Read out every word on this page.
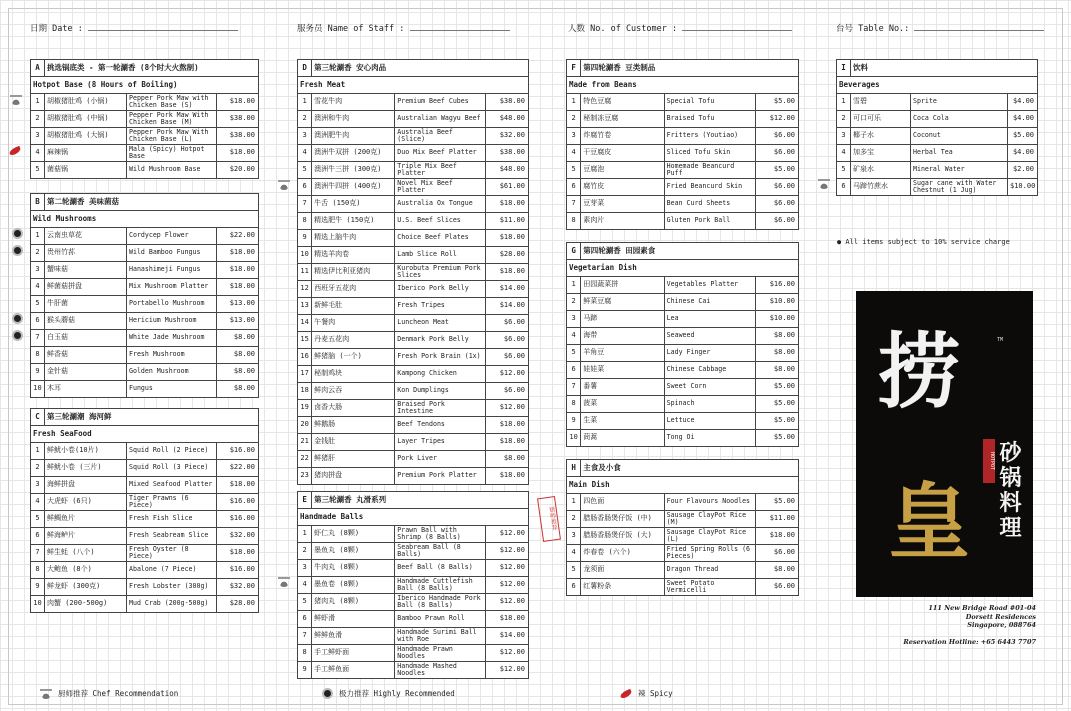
日期 Date :	服务员 Name of Staff :	人数 No. of Customer :	台号 Table No.:
A	挑选锅底类 - 第一轮涮香 (8个时大火熬制)		
Hotpot Base (8 Hours of Boiling)			
1	胡椒猪肚鸡 (小锅)	Pepper Pork Maw with Chicken Base (S)	$18.00
2	胡椒猪肚鸡 (中锅)	Pepper Pork Maw With Chicken Base (M)	$38.00
3	胡椒猪肚鸡 (大锅)	Pepper Pork Maw With Chicken Base (L)	$38.00
4	麻辣锅	Mala (Spicy) Hotpot Base	$18.00
5	菌菇锅	Wild Mushroom Base	$20.00
B	第二轮涮香 美味菌菇		
Wild Mushrooms			
1	云南虫草花	Cordycep Flower	$22.00
2	贵州竹荪	Wild Bamboo Fungus	$18.00
3	蟹味菇	Hanashimeji Fungus	$18.00
4	鲜菌菇拼盘	Mix Mushroom Platter	$18.00
5	牛肝菌	Portabello Mushroom	$13.00
6	猴头蘑菇	Hericium Mushroom	$13.00
7	白玉菇	White Jade Mushroom	$8.00
8	鲜香菇	Fresh Mushroom	$8.00
9	金针菇	Golden Mushroom	$8.00
10	木耳	Fungus	$8.00
C	第三轮涮潮 海河鲜		
Fresh SeaFood			
1	鲜鱿小卷(10片)	Squid Roll (2 Piece)	$16.00
2	鲜鱿小卷 (三片)	Squid Roll (3 Piece)	$22.00
3	海鲜拼盘	Mixed Seafood Platter	$18.00
4	大虎虾 (6只)	Tiger Prawns (6 Piece)	$16.00
5	鲜鲷鱼片	Fresh Fish Slice	$16.00
6	鲜海鲈片	Fresh Seabream Slice	$32.00
7	鲜生蚝 (八个)	Fresh Oyster (8 Piece)	$18.00
8	大鲍鱼 (8个)	Abalone (7 Piece)	$16.00
9	鲜龙虾 (300克)	Fresh Lobster (300g)	$32.00
10	肉蟹 (200-500g)	Mud Crab (200g-500g)	$28.00
D	第三轮涮香 安心肉品		
Fresh Meat			
1	雪花牛肉	Premium Beef Cubes	$38.00
2	澳洲和牛肉	Australian Wagyu Beef	$48.00
3	澳洲肥牛肉	Australia Beef (Slice)	$32.00
4	澳洲牛双拼 (200克)	Duo Mix Beef Platter	$38.00
5	澳洲牛三拼 (300克)	Triple Mix Beef Platter	$48.00
6	澳洲牛四拼 (400克)	Novel Mix Beef Platter	$61.00
7	牛舌 (150克)	Australia Ox Tongue	$18.00
8	精选肥牛 (150克)	U.S. Beef Slices	$11.00
9	精选上脑牛肉	Choice Beef Plates	$18.00
10	精选羊肉卷	Lamb Slice Roll	$28.00
11	精选伊比利亚猪肉	Kurobuta Premium Pork Slices	$18.00
12	西班牙五花肉	Iberico Pork Belly	$14.00
13	新鲜毛肚	Fresh Tripes	$14.00
14	午餐肉	Luncheon Meat	$6.00
15	丹麦五花肉	Denmark Pork Belly	$6.00
16	鲜猪脑 (一个)	Fresh Pork Brain (1x)	$6.00
17	秘制鸡块	Kampong Chicken	$12.00
18	鲜肉云吞	Kon Dumplings	$6.00
19	卤香大肠	Braised Pork Intestine	$12.00
20	鲜鹅肠	Beef Tendons	$18.00
21	金钱肚	Layer Tripes	$18.00
22	鲜猪肝	Pork Liver	$8.00
23	猪肉拼盘	Premium Pork Platter	$18.00
E	第三轮涮香 丸滑系列		
Handmade Balls			
1	虾仁丸 (8颗)	Prawn Ball with Shrimp (8 Balls)	$12.00
2	墨鱼丸 (8颗)	Seabream Ball (8 Balls)	$12.00
3	牛肉丸 (8颗)	Beef Ball (8 Balls)	$12.00
4	墨鱼卷 (8颗)	Handmade Cuttlefish Ball (8 Balls)	$12.00
5	猪肉丸 (8颗)	Iberico Handmade Pork Ball (8 Balls)	$12.00
6	鲜虾滑	Bamboo Prawn Roll	$18.00
7	鲜鲜鱼滑	Handmade Surimi Ball with Roe	$14.00
8	手工鲜虾面	Handmade Prawn Noodles	$12.00
9	手工鲜鱼面	Handmade Mashed Noodles	$12.00
F	第四轮涮香 豆类制品		
Made from Beans			
1	特色豆腐	Special Tofu	$5.00
2	秘制冻豆腐	Braised Tofu	$12.00
3	炸腐竹卷	Fritters (Youtiao)	$6.00
4	干豆腐皮	Sliced Tofu Skin	$6.00
5	豆腐泡	Homemade Beancurd Puff	$5.00
6	腐竹皮	Fried Beancurd Skin	$6.00
7	豆芽菜	Bean Curd Sheets	$6.00
8	素肉片	Gluten Pork Ball	$6.00
G	第四轮涮香 田园素食		
Vegetarian Dish			
1	田园蔬菜拼	Vegetables Platter	$16.00
2	鲜菜豆腐	Chinese Cai	$10.00
3	马蹄	Lea	$10.00
4	海带	Seaweed	$8.00
5	羊角豆	Lady Finger	$8.00
6	娃娃菜	Chinese Cabbage	$8.00
7	番薯	Sweet Corn	$5.00
8	菠菜	Spinach	$5.00
9	生菜	Lettuce	$5.00
10	茼蒿	Tong Oi	$5.00
H	主食及小食		
Main Dish			
1	四色面	Four Flavours Noodles	$5.00
2	腊肠香肠煲仔饭 (中)	Sausage ClayPot Rice (M)	$11.00
3	腊肠香肠煲仔饭 (大)	Sausage ClayPot Rice (L)	$18.00
4	炸春卷 (六个)	Fried Spring Rolls (6 Pieces)	$6.00
5	龙须面	Dragon Thread	$8.00
6	红薯粉条	Sweet Potato Vermicelli	$6.00
I	饮料		
Beverages			
1	雪碧	Sprite	$4.00
2	可口可乐	Coca Cola	$4.00
3	椰子水	Coconut	$5.00
4	加多宝	Herbal Tea	$4.00
5	矿泉水	Mineral Water	$2.00
6	马蹄竹蔗水	Sugar cane with Water Chestnut (1 Jug)	$10.00
● All items subject to 10% service charge
厨师推荐
捞
皇
砂锅料理
HOTPOT
TM
111 New Bridge Road #01-04
Dorsett Residences
Singapore, 088764
Reservation Hotline: +65 6443 7707
厨师推荐 Chef Recommendation	极力推荐 Highly Recommended	辣 Spicy
